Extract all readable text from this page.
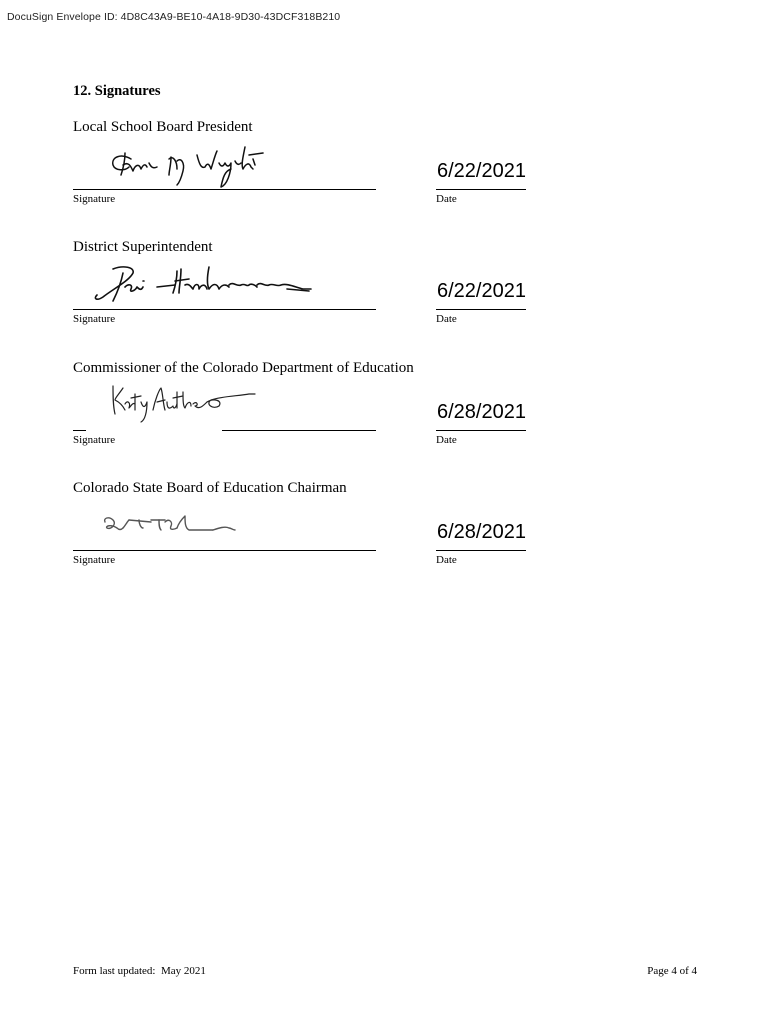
DocuSign Envelope ID: 4D8C43A9-BE10-4A18-9D30-43DCF318B210
12. Signatures
Local School Board President
6/22/2021
Signature	Date
District Superintendent
6/22/2021
Signature	Date
Commissioner of the Colorado Department of Education
6/28/2021
Signature	Date
Colorado State Board of Education Chairman
6/28/2021
Signature	Date
Form last updated:  May 2021	Page 4 of 4
